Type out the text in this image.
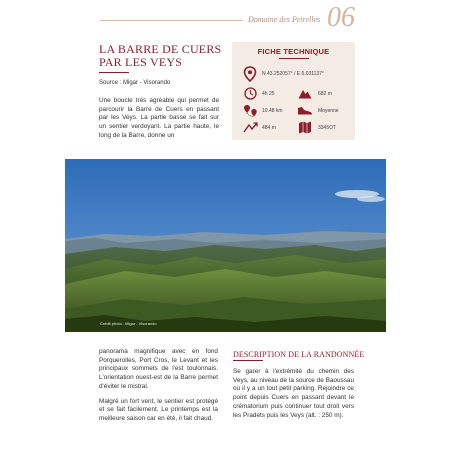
Domaine des Petrelles 06
LA BARRE DE CUERS PAR LES VEYS
Source : Migar - Visorando

Une boucle très agréable qui permet de parcourir la Barre de Cuers en passant par les Veys. La partie basse se fait sur un sentier verdoyant. La partie haute, le long de la Barre, donne un

FICHE TECHNIQUE
N 43.252057° / E 6.031137°
4h 25	682 m
10.48 km	Moyenne
484 m	3345OT
Crédit photo : Migar - Visorando

panorama magnifique avec en fond Porquerolles, Port Cros, le Levant et les principaux sommets de l'est toulonnais. L'orientation ouest-est de la Barre permet d'éviter le mistral.

Malgré un fort vent, le sentier est protégé et se fait facilement. Le printemps est la meilleure saison car en été, il fait chaud.

DESCRIPTION DE LA RANDONNÉE

Se garer à l'extrémité du chemin des Veys, au niveau de la source de Baoussau où il y a un tout petit parking. Rejoindre ce point depuis Cuers en passant devant le crématorium puis continuer tout droit vers les Pradets puis les Veys (alt. : 250 m).
